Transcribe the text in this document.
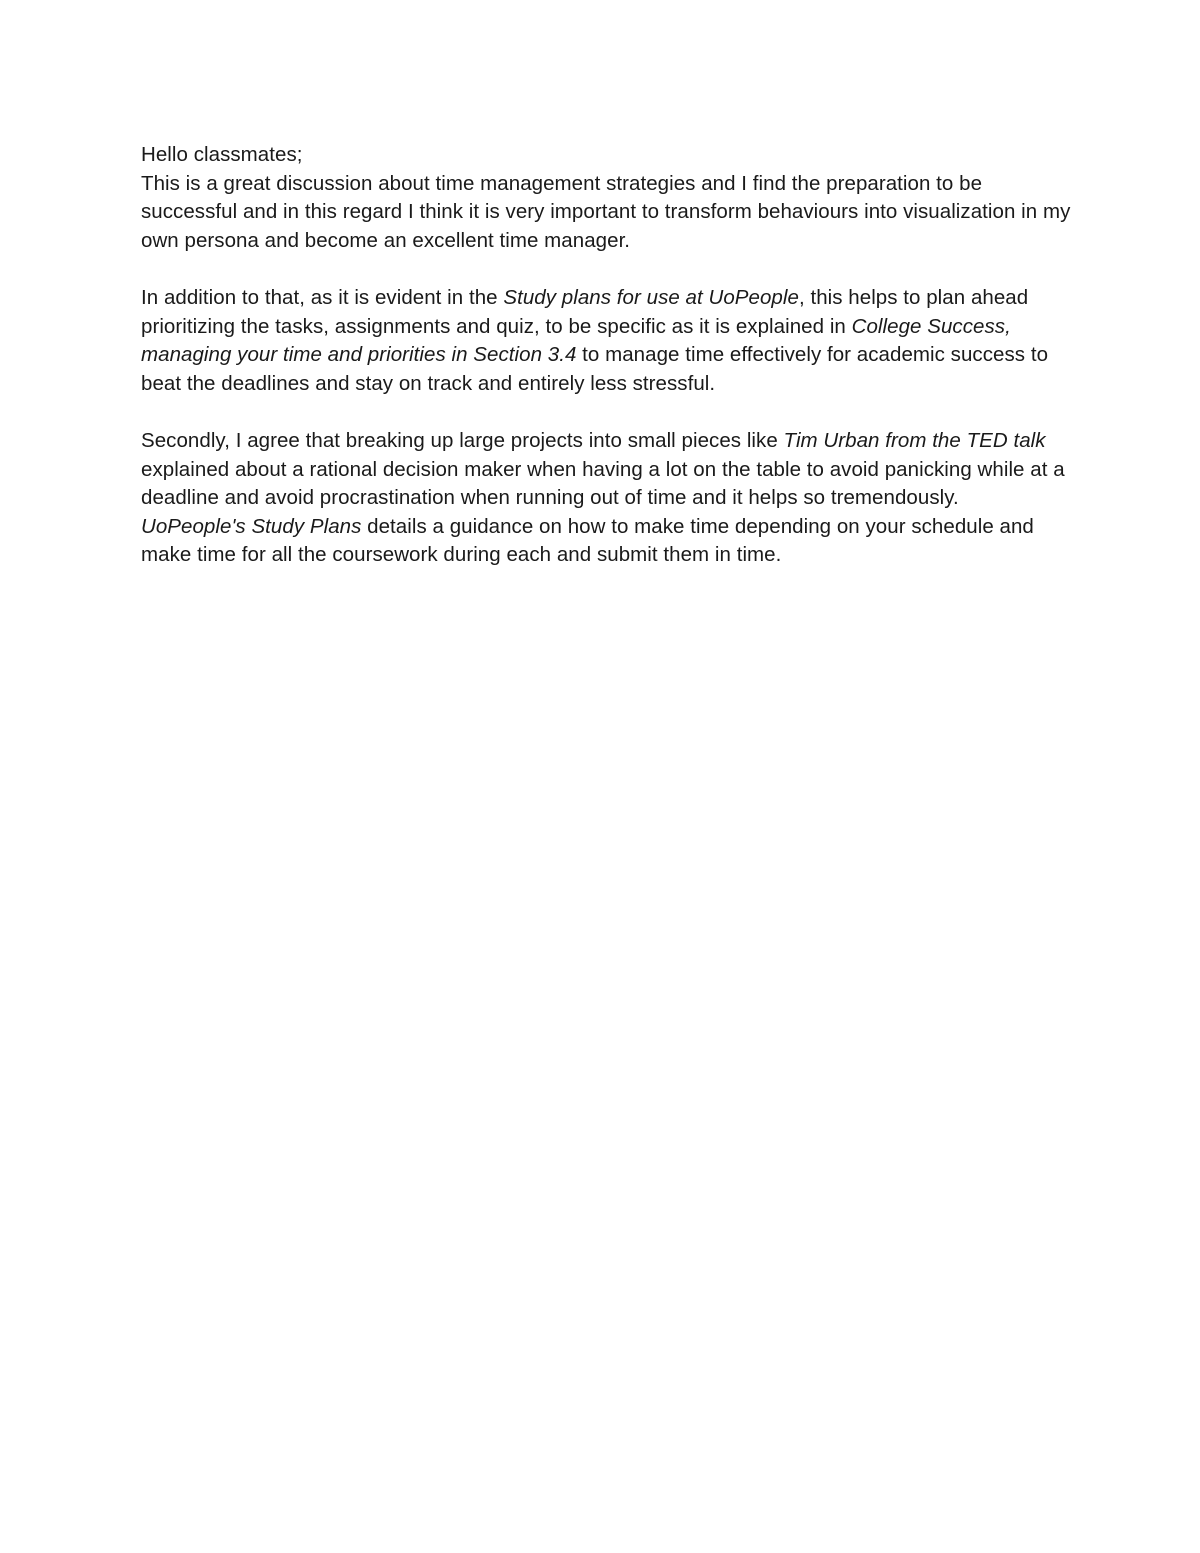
Hello classmates;

This is a great discussion about time management strategies and I find the preparation to be successful and in this regard I think it is very important to transform behaviours into visualization in my own persona and become an excellent time manager.

In addition to that, as it is evident in the Study plans for use at UoPeople, this helps to plan ahead prioritizing the tasks, assignments and quiz, to be specific as it is explained in College Success, managing your time and priorities in Section 3.4 to manage time effectively for academic success to beat the deadlines and stay on track and entirely less stressful.

Secondly, I agree that breaking up large projects into small pieces like Tim Urban from the TED talk explained about a rational decision maker when having a lot on the table to avoid panicking while at a deadline and avoid procrastination when running out of time and it helps so tremendously.

UoPeople's Study Plans details a guidance on how to make time depending on your schedule and make time for all the coursework during each and submit them in time.
